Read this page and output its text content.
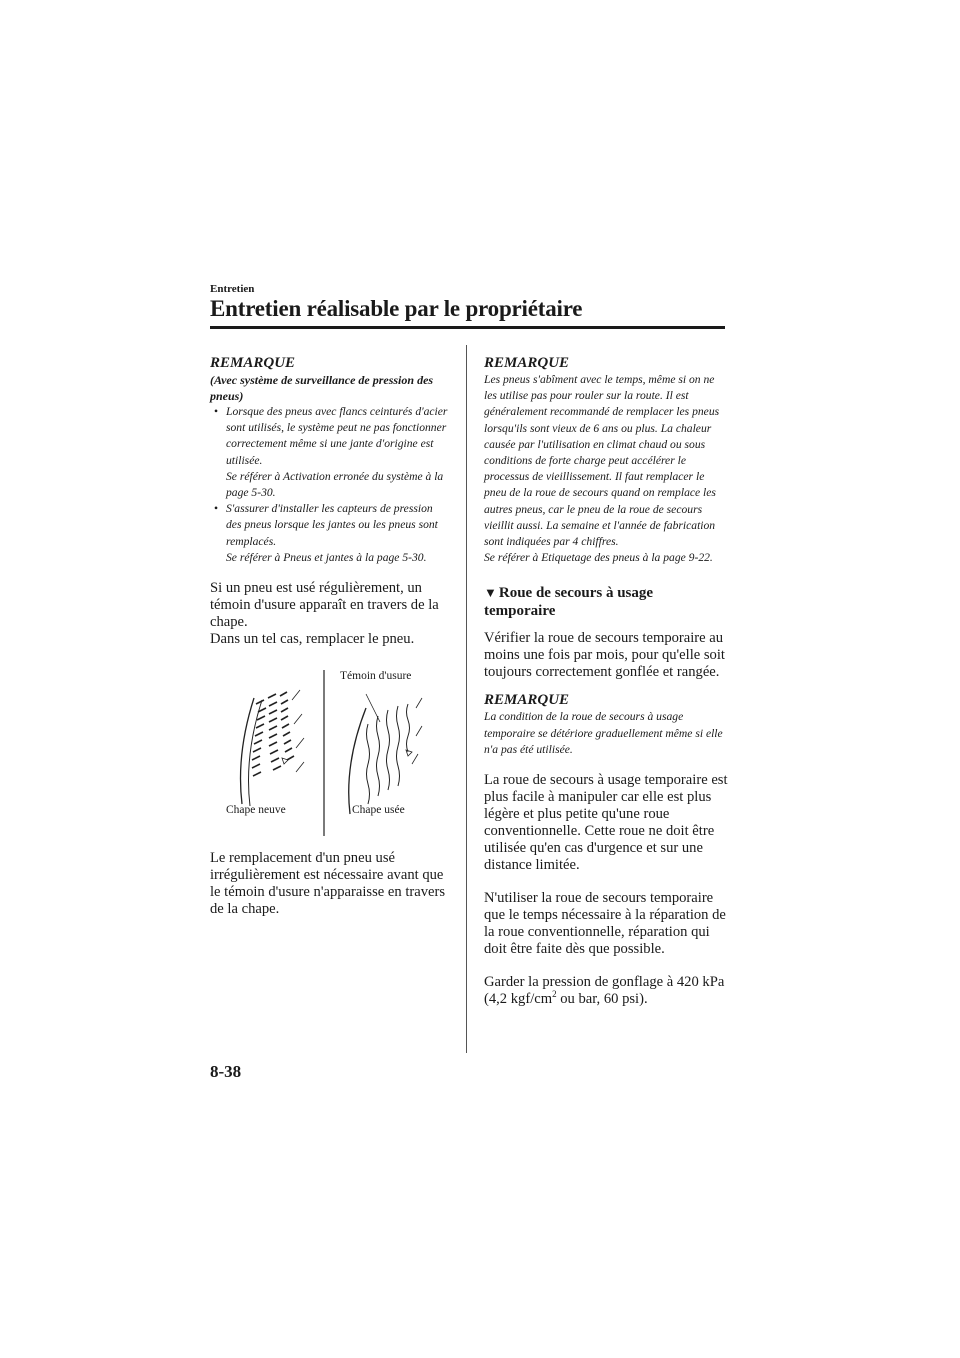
Entretien
Entretien réalisable par le propriétaire

REMARQUE

(Avec système de surveillance de pression des pneus)

• Lorsque des pneus avec flancs ceinturés d'acier sont utilisés, le système peut ne pas fonctionner correctement même si une jante d'origine est utilisée.
Se référer à Activation erronée du système à la page 5-30.
• S'assurer d'installer les capteurs de pression des pneus lorsque les jantes ou les pneus sont remplacés.
Se référer à Pneus et jantes à la page 5-30.

Si un pneu est usé régulièrement, un témoin d'usure apparaît en travers de la chape.

Dans un tel cas, remplacer le pneu.

Témoin d'usure
Chape neuve	Chape usée

Le remplacement d'un pneu usé irrégulièrement est nécessaire avant que le témoin d'usure n'apparaisse en travers de la chape.

REMARQUE

Les pneus s'abîment avec le temps, même si on ne les utilise pas pour rouler sur la route. Il est généralement recommandé de remplacer les pneus lorsqu'ils sont vieux de 6 ans ou plus. La chaleur causée par l'utilisation en climat chaud ou sous conditions de forte charge peut accélérer le processus de vieillissement. Il faut remplacer le pneu de la roue de secours quand on remplace les autres pneus, car le pneu de la roue de secours vieillit aussi. La semaine et l'année de fabrication sont indiquées par 4 chiffres.

Se référer à Etiquetage des pneus à la page 9-22.

▼ Roue de secours à usage temporaire

Vérifier la roue de secours temporaire au moins une fois par mois, pour qu'elle soit toujours correctement gonflée et rangée.

REMARQUE

La condition de la roue de secours à usage temporaire se détériore graduellement même si elle n'a pas été utilisée.

La roue de secours à usage temporaire est plus facile à manipuler car elle est plus légère et plus petite qu'une roue conventionnelle. Cette roue ne doit être utilisée qu'en cas d'urgence et sur une distance limitée.

N'utiliser la roue de secours temporaire que le temps nécessaire à la réparation de la roue conventionnelle, réparation qui doit être faite dès que possible.

Garder la pression de gonflage à 420 kPa (4,2 kgf/$cm^2$ ou bar, 60 psi).

8-38
